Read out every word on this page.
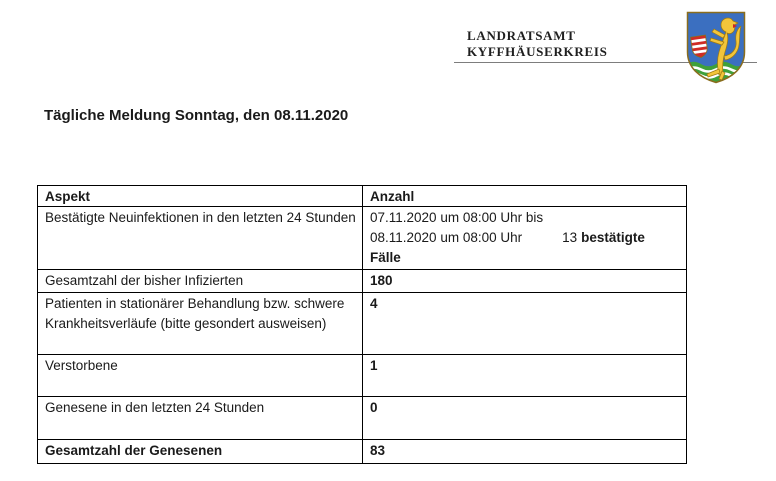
LANDRATSAMT
KYFFHÄUSERKREIS
Tägliche Meldung Sonntag, den 08.11.2020
Aspekt	Anzahl
Bestätigte Neuinfektionen in den letzten 24 Stunden	07.11.2020 um 08:00 Uhr bis
08.11.2020 um 08:00 Uhr 13 bestätigte
Fälle

Gesamtzahl der bisher Infizierten	180
Patienten in stationärer Behandlung bzw. schwere Krankheitsverläufe (bitte gesondert ausweisen)	4
Verstorbene	1
Genesene in den letzten 24 Stunden	0
Gesamtzahl der Genesenen	83
